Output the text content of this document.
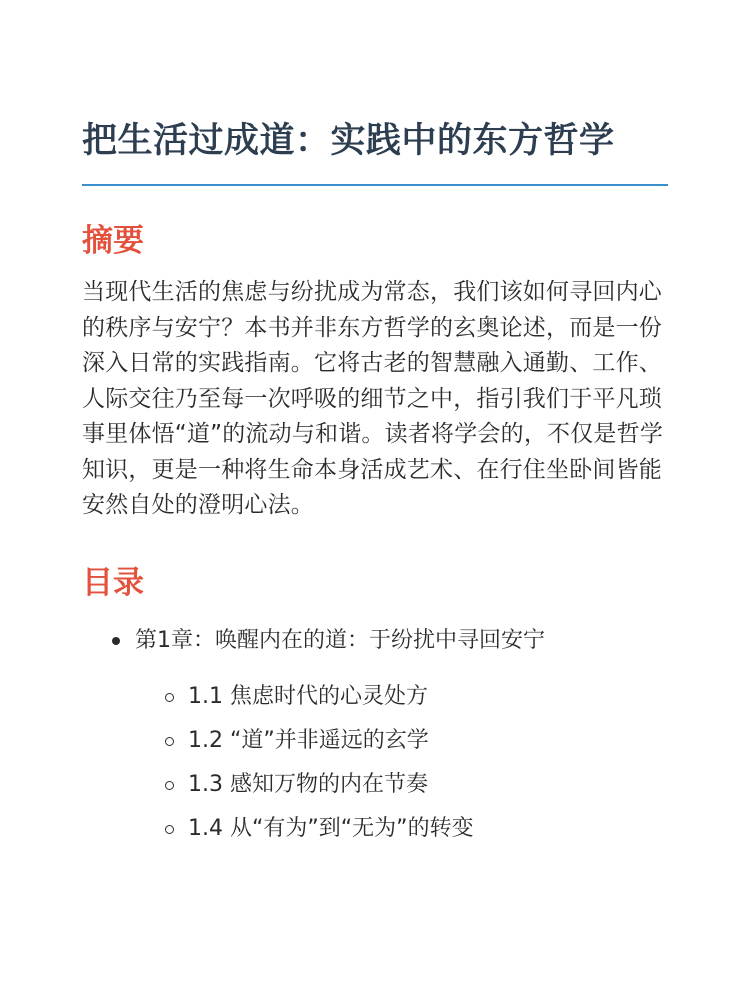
把生活过成道：实践中的东方哲学
摘要

当现代生活的焦虑与纷扰成为常态，我们该如何寻回内心的秩序与安宁？本书并非东方哲学的玄奥论述，而是一份深入日常的实践指南。它将古老的智慧融入通勤、工作、人际交往乃至每一次呼吸的细节之中，指引我们于平凡琐事里体悟“道”的流动与和谐。读者将学会的，不仅是哲学知识，更是一种将生命本身活成艺术、在行住坐卧间皆能安然自处的澄明心法。

目录
第1章：唤醒内在的道：于纷扰中寻回安宁
1.1 焦虑时代的心灵处方
1.2 “道”并非遥远的玄学
1.3 感知万物的内在节奏
1.4 从“有为”到“无为”的转变
